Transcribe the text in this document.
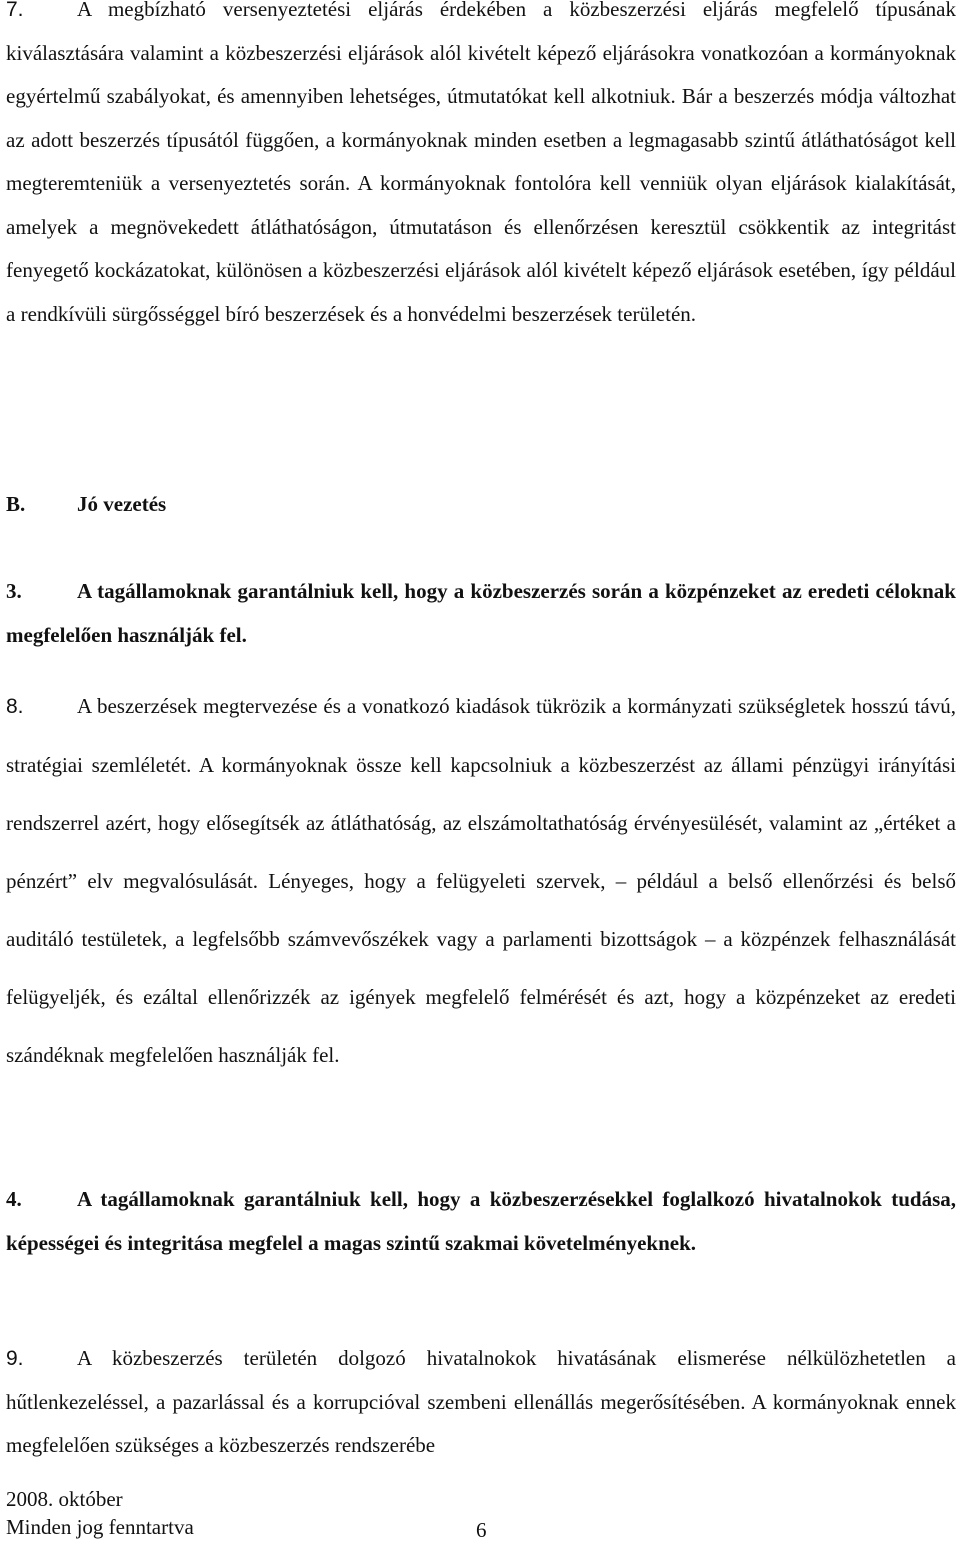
7.	A megbízható versenyeztetési eljárás érdekében a közbeszerzési eljárás megfelelő típusának kiválasztására valamint a közbeszerzési eljárások alól kivételt képező eljárásokra vonatkozóan a kormányoknak egyértelmű szabályokat, és amennyiben lehetséges, útmutatókat kell alkotniuk. Bár a beszerzés módja változhat az adott beszerzés típusától függően, a kormányoknak minden esetben a legmagasabb szintű átláthatóságot kell megteremteniük a versenyeztetés során. A kormányoknak fontolóra kell venniük olyan eljárások kialakítását, amelyek a megnövekedett átláthatóságon, útmutatáson és ellenőrzésen keresztül csökkentik az integritást fenyegető kockázatokat, különösen a közbeszerzési eljárások alól kivételt képező eljárások esetében, így például a rendkívüli sürgősséggel bíró beszerzések és a honvédelmi beszerzések területén.

B. Jó vezetés

3.	A tagállamoknak garantálniuk kell, hogy a közbeszerzés során a közpénzeket az eredeti céloknak megfelelően használják fel.

8.	A beszerzések megtervezése és a vonatkozó kiadások tükrözik a kormányzati szükségletek hosszú távú, stratégiai szemléletét. A kormányoknak össze kell kapcsolniuk a közbeszerzést az állami pénzügyi irányítási rendszerrel azért, hogy elősegítsék az átláthatóság, az elszámoltathatóság érvényesülését, valamint az „értéket a pénzért” elv megvalósulását. Lényeges, hogy a felügyeleti szervek, – például a belső ellenőrzési és belső auditáló testületek, a legfelsőbb számvevőszékek vagy a parlamenti bizottságok – a közpénzek felhasználását felügyeljék, és ezáltal ellenőrizzék az igények megfelelő felmérését és azt, hogy a közpénzeket az eredeti szándéknak megfelelően használják fel.

4.	A tagállamoknak garantálniuk kell, hogy a közbeszerzésekkel foglalkozó hivatalnokok tudása, képességei és integritása megfelel a magas szintű szakmai követelményeknek.

9.	A közbeszerzés területén dolgozó hivatalnokok hivatásának elismerése nélkülözhetetlen a hűtlenkezeléssel, a pazarlással és a korrupcióval szembeni ellenállás megerősítésében. A kormányoknak ennek megfelelően szükséges a közbeszerzés rendszerébe

2008. október
Minden jog fenntartva	6
